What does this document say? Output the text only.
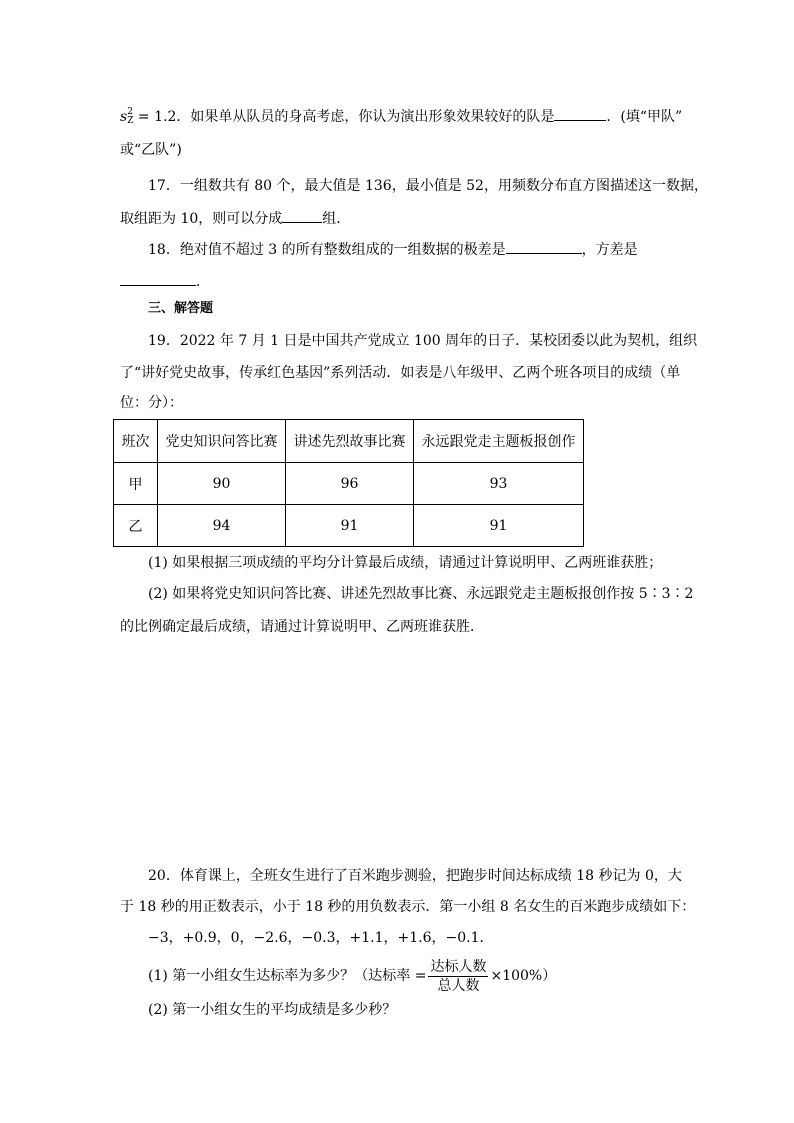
s 2
Z = 1.2．如果单从队员的身高考虑，你认为演出形象效果较好的队是	．(填“甲队”
或“乙队”)
17．一组数共有 80 个，最大值是 136，最小值是 52，用频数分布直方图描述这一数据，
取组距为 10，则可以分成	组．
18．绝对值不超过 3 的所有整数组成的一组数据的极差是	，方差是
．
三、解答题
19．2022 年 7 月 1 日是中国共产党成立 100 周年的日子．某校团委以此为契机，组织
了“讲好党史故事，传承红色基因”系列活动．如表是八年级甲、乙两个班各项目的成绩（单
位：分）：
班次	党史知识问答比赛	讲述先烈故事比赛	永远跟党走主题板报创作
甲	90	96	93
乙	94	91	91
(1) 如果根据三项成绩的平均分计算最后成绩，请通过计算说明甲、乙两班谁获胜；
(2) 如果将党史知识问答比赛、讲述先烈故事比赛、永远跟党走主题板报创作按 5∶3∶2
的比例确定最后成绩，请通过计算说明甲、乙两班谁获胜．
20．体育课上，全班女生进行了百米跑步测验，把跑步时间达标成绩 18 秒记为 0，大
于 18 秒的用正数表示，小于 18 秒的用负数表示．第一小组 8 名女生的百米跑步成绩如下：
−3，+0.9，0，−2.6，−0.3，+1.1，+1.6，−0.1．
(1) 第一小组女生达标率为多少？（达标率 = $\frac{\text{达标人数}}{\text{总人数}} \times 100\%$）
(2) 第一小组女生的平均成绩是多少秒？
